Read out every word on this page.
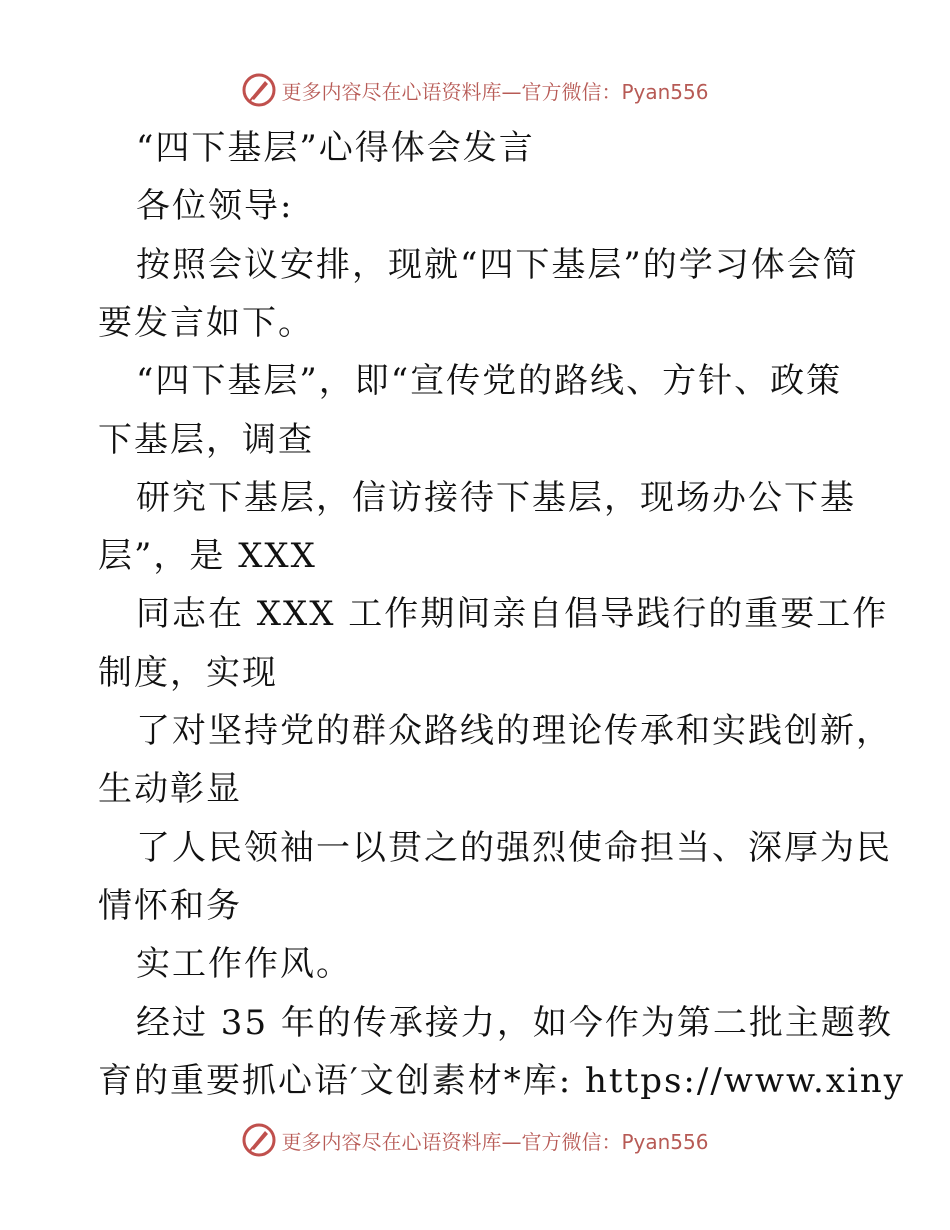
更多内容尽在心语资料库—官方微信：Pyan556
“四下基层”心得体会发言
各位领导:
按照会议安排，现就“四下基层”的学习体会简
要发言如下。
“四下基层”，即“宣传党的路线、方针、政策
下基层，调查
研究下基层，信访接待下基层，现场办公下基
层”，是 XXX
同志在 XXX 工作期间亲自倡导践行的重要工作
制度，实现
了对坚持党的群众路线的理论传承和实践创新，
生动彰显
了人民领袖一以贯之的强烈使命担当、深厚为民
情怀和务
实工作作风。
经过 35 年的传承接力，如今作为第二批主题教
育的重要抓心语′文创素材*库: https://www.xiny
更多内容尽在心语资料库—官方微信：Pyan556
